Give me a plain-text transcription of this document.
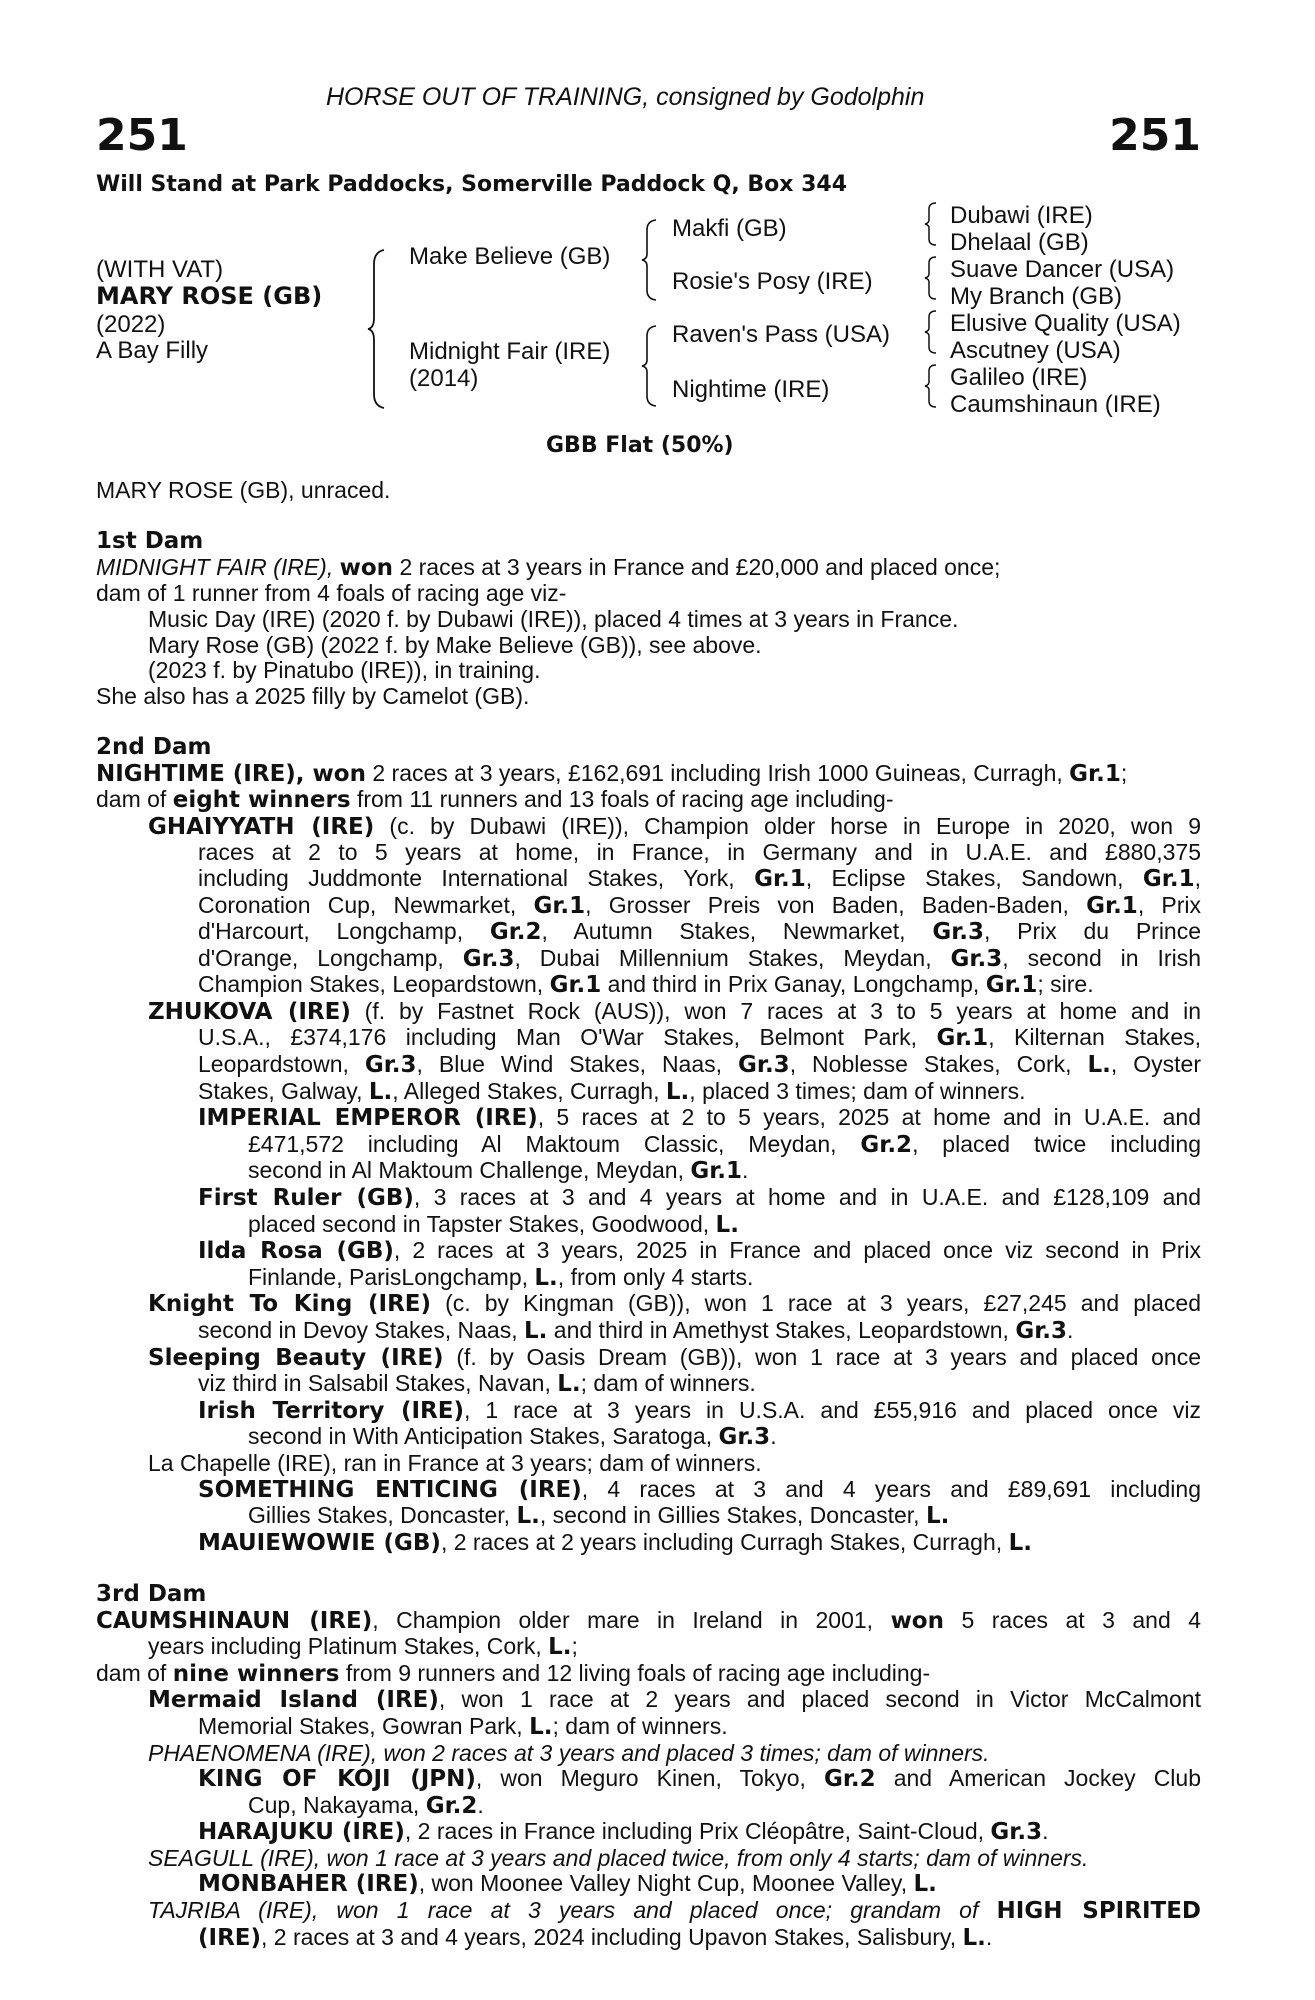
251	251
HORSE OUT OF TRAINING, consigned by Godolphin
Will Stand at Park Paddocks, Somerville Paddock Q, Box 344
(WITH VAT)
MARY ROSE (GB)
(2022)
A Bay Filly
Make Believe (GB)
Midnight Fair (IRE)
(2014)
Makfi (GB)
Rosie's Posy (IRE)
Raven's Pass (USA)
Nightime (IRE)
Dubawi (IRE)
Dhelaal (GB)
Suave Dancer (USA)
My Branch (GB)
Elusive Quality (USA)
Ascutney (USA)
Galileo (IRE)
Caumshinaun (IRE)
GBB Flat (50%)
MARY ROSE (GB), unraced.
1st Dam
MIDNIGHT FAIR (IRE), won 2 races at 3 years in France and £20,000 and placed once;
dam of 1 runner from 4 foals of racing age viz-
Music Day (IRE) (2020 f. by Dubawi (IRE)), placed 4 times at 3 years in France.
Mary Rose (GB) (2022 f. by Make Believe (GB)), see above.
(2023 f. by Pinatubo (IRE)), in training.
She also has a 2025 filly by Camelot (GB).
2nd Dam
NIGHTIME (IRE), won 2 races at 3 years, £162,691 including Irish 1000 Guineas, Curragh, Gr.1;
dam of eight winners from 11 runners and 13 foals of racing age including-
GHAIYYATH (IRE) (c. by Dubawi (IRE)), Champion older horse in Europe in 2020, won 9
races at 2 to 5 years at home, in France, in Germany and in U.A.E. and £880,375
including Juddmonte International Stakes, York, Gr.1, Eclipse Stakes, Sandown, Gr.1,
Coronation Cup, Newmarket, Gr.1, Grosser Preis von Baden, Baden-Baden, Gr.1, Prix
d'Harcourt, Longchamp, Gr.2, Autumn Stakes, Newmarket, Gr.3, Prix du Prince
d'Orange, Longchamp, Gr.3, Dubai Millennium Stakes, Meydan, Gr.3, second in Irish
Champion Stakes, Leopardstown, Gr.1 and third in Prix Ganay, Longchamp, Gr.1; sire.
ZHUKOVA (IRE) (f. by Fastnet Rock (AUS)), won 7 races at 3 to 5 years at home and in
U.S.A., £374,176 including Man O'War Stakes, Belmont Park, Gr.1, Kilternan Stakes,
Leopardstown, Gr.3, Blue Wind Stakes, Naas, Gr.3, Noblesse Stakes, Cork, L., Oyster
Stakes, Galway, L., Alleged Stakes, Curragh, L., placed 3 times; dam of winners.
IMPERIAL EMPEROR (IRE), 5 races at 2 to 5 years, 2025 at home and in U.A.E. and
£471,572 including Al Maktoum Classic, Meydan, Gr.2, placed twice including
second in Al Maktoum Challenge, Meydan, Gr.1.
First Ruler (GB), 3 races at 3 and 4 years at home and in U.A.E. and £128,109 and
placed second in Tapster Stakes, Goodwood, L.
Ilda Rosa (GB), 2 races at 3 years, 2025 in France and placed once viz second in Prix
Finlande, ParisLongchamp, L., from only 4 starts.
Knight To King (IRE) (c. by Kingman (GB)), won 1 race at 3 years, £27,245 and placed
second in Devoy Stakes, Naas, L. and third in Amethyst Stakes, Leopardstown, Gr.3.
Sleeping Beauty (IRE) (f. by Oasis Dream (GB)), won 1 race at 3 years and placed once
viz third in Salsabil Stakes, Navan, L.; dam of winners.
Irish Territory (IRE), 1 race at 3 years in U.S.A. and £55,916 and placed once viz
second in With Anticipation Stakes, Saratoga, Gr.3.
La Chapelle (IRE), ran in France at 3 years; dam of winners.
SOMETHING ENTICING (IRE), 4 races at 3 and 4 years and £89,691 including
Gillies Stakes, Doncaster, L., second in Gillies Stakes, Doncaster, L.
MAUIEWOWIE (GB), 2 races at 2 years including Curragh Stakes, Curragh, L.
3rd Dam
CAUMSHINAUN (IRE), Champion older mare in Ireland in 2001, won 5 races at 3 and 4
years including Platinum Stakes, Cork, L.;
dam of nine winners from 9 runners and 12 living foals of racing age including-
Mermaid Island (IRE), won 1 race at 2 years and placed second in Victor McCalmont
Memorial Stakes, Gowran Park, L.; dam of winners.
PHAENOMENA (IRE), won 2 races at 3 years and placed 3 times; dam of winners.
KING OF KOJI (JPN), won Meguro Kinen, Tokyo, Gr.2 and American Jockey Club
Cup, Nakayama, Gr.2.
HARAJUKU (IRE), 2 races in France including Prix Cléopâtre, Saint-Cloud, Gr.3.
SEAGULL (IRE), won 1 race at 3 years and placed twice, from only 4 starts; dam of winners.
MONBAHER (IRE), won Moonee Valley Night Cup, Moonee Valley, L.
TAJRIBA (IRE), won 1 race at 3 years and placed once; grandam of HIGH SPIRITED
(IRE), 2 races at 3 and 4 years, 2024 including Upavon Stakes, Salisbury, L..
